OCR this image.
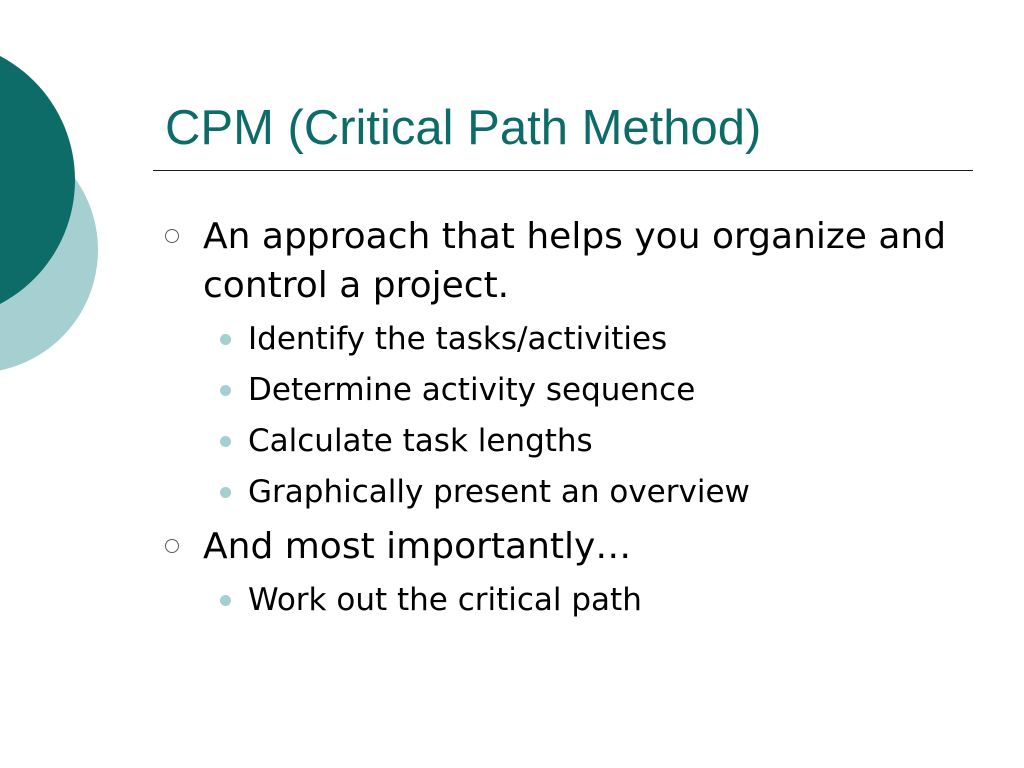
CPM (Critical Path Method)
An approach that helps you organize and control a project.
Identify the tasks/activities
Determine activity sequence
Calculate task lengths
Graphically present an overview
And most importantly…
Work out the critical path
